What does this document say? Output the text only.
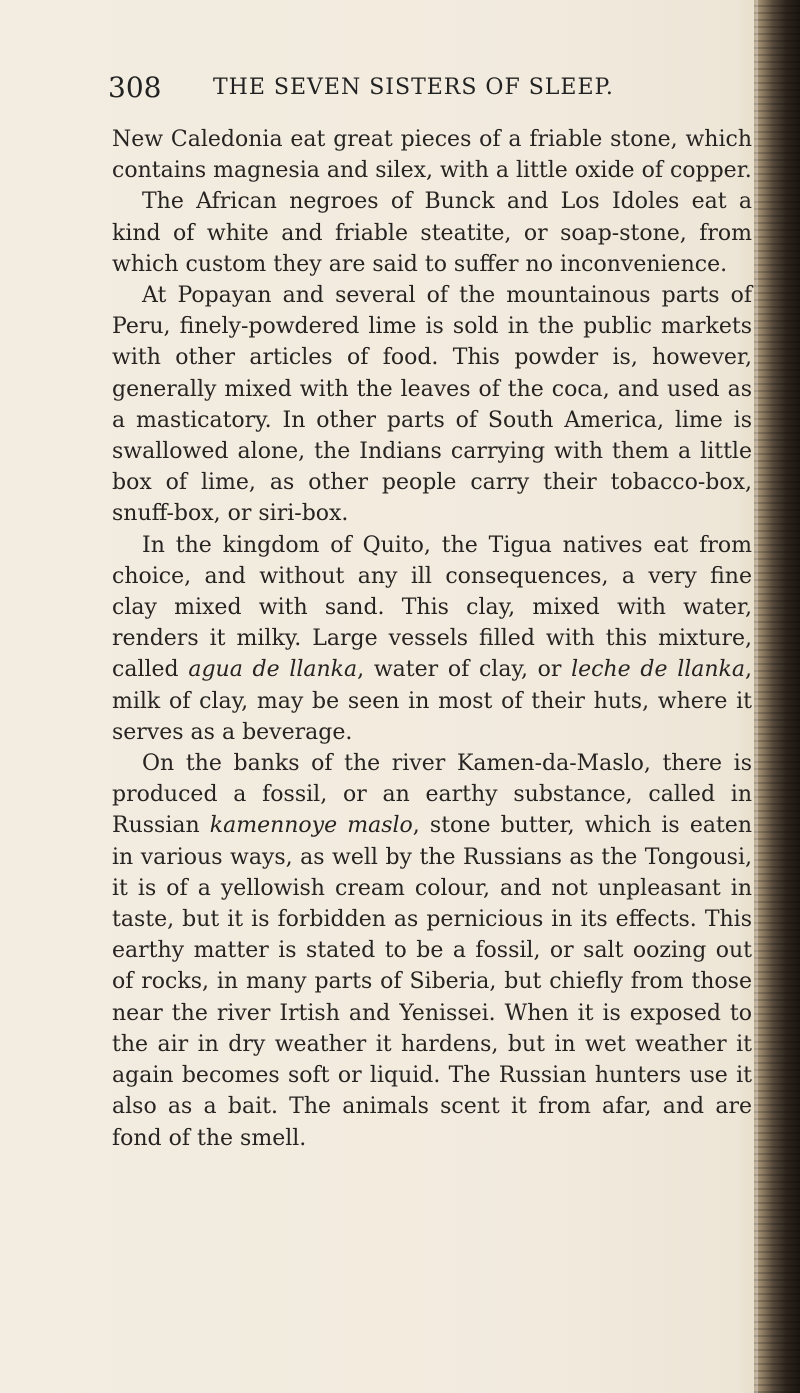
308 THE SEVEN SISTERS OF SLEEP.

New Caledonia eat great pieces of a friable stone, which contains magnesia and silex, with a little oxide of copper.

The African negroes of Bunck and Los Idoles eat a kind of white and friable steatite, or soap-stone, from which custom they are said to suffer no inconvenience.

At Popayan and several of the mountainous parts of Peru, finely-powdered lime is sold in the public markets with other articles of food. This powder is, however, generally mixed with the leaves of the coca, and used as a masticatory. In other parts of South America, lime is swallowed alone, the Indians carrying with them a little box of lime, as other people carry their tobacco-box, snuff-box, or siri-box.

In the kingdom of Quito, the Tigua natives eat from choice, and without any ill consequences, a very fine clay mixed with sand. This clay, mixed with water, renders it milky. Large vessels filled with this mixture, called agua de llanka, water of clay, or leche de llanka, milk of clay, may be seen in most of their huts, where it serves as a beverage.

On the banks of the river Kamen-da-Maslo, there is produced a fossil, or an earthy substance, called in Russian kamennoye maslo, stone butter, which is eaten in various ways, as well by the Russians as the Tongousi, it is of a yellowish cream colour, and not unpleasant in taste, but it is forbidden as pernicious in its effects. This earthy matter is stated to be a fossil, or salt oozing out of rocks, in many parts of Siberia, but chiefly from those near the river Irtish and Yenissei. When it is exposed to the air in dry weather it hardens, but in wet weather it again becomes soft or liquid. The Russian hunters use it also as a bait. The animals scent it from afar, and are fond of the smell.
